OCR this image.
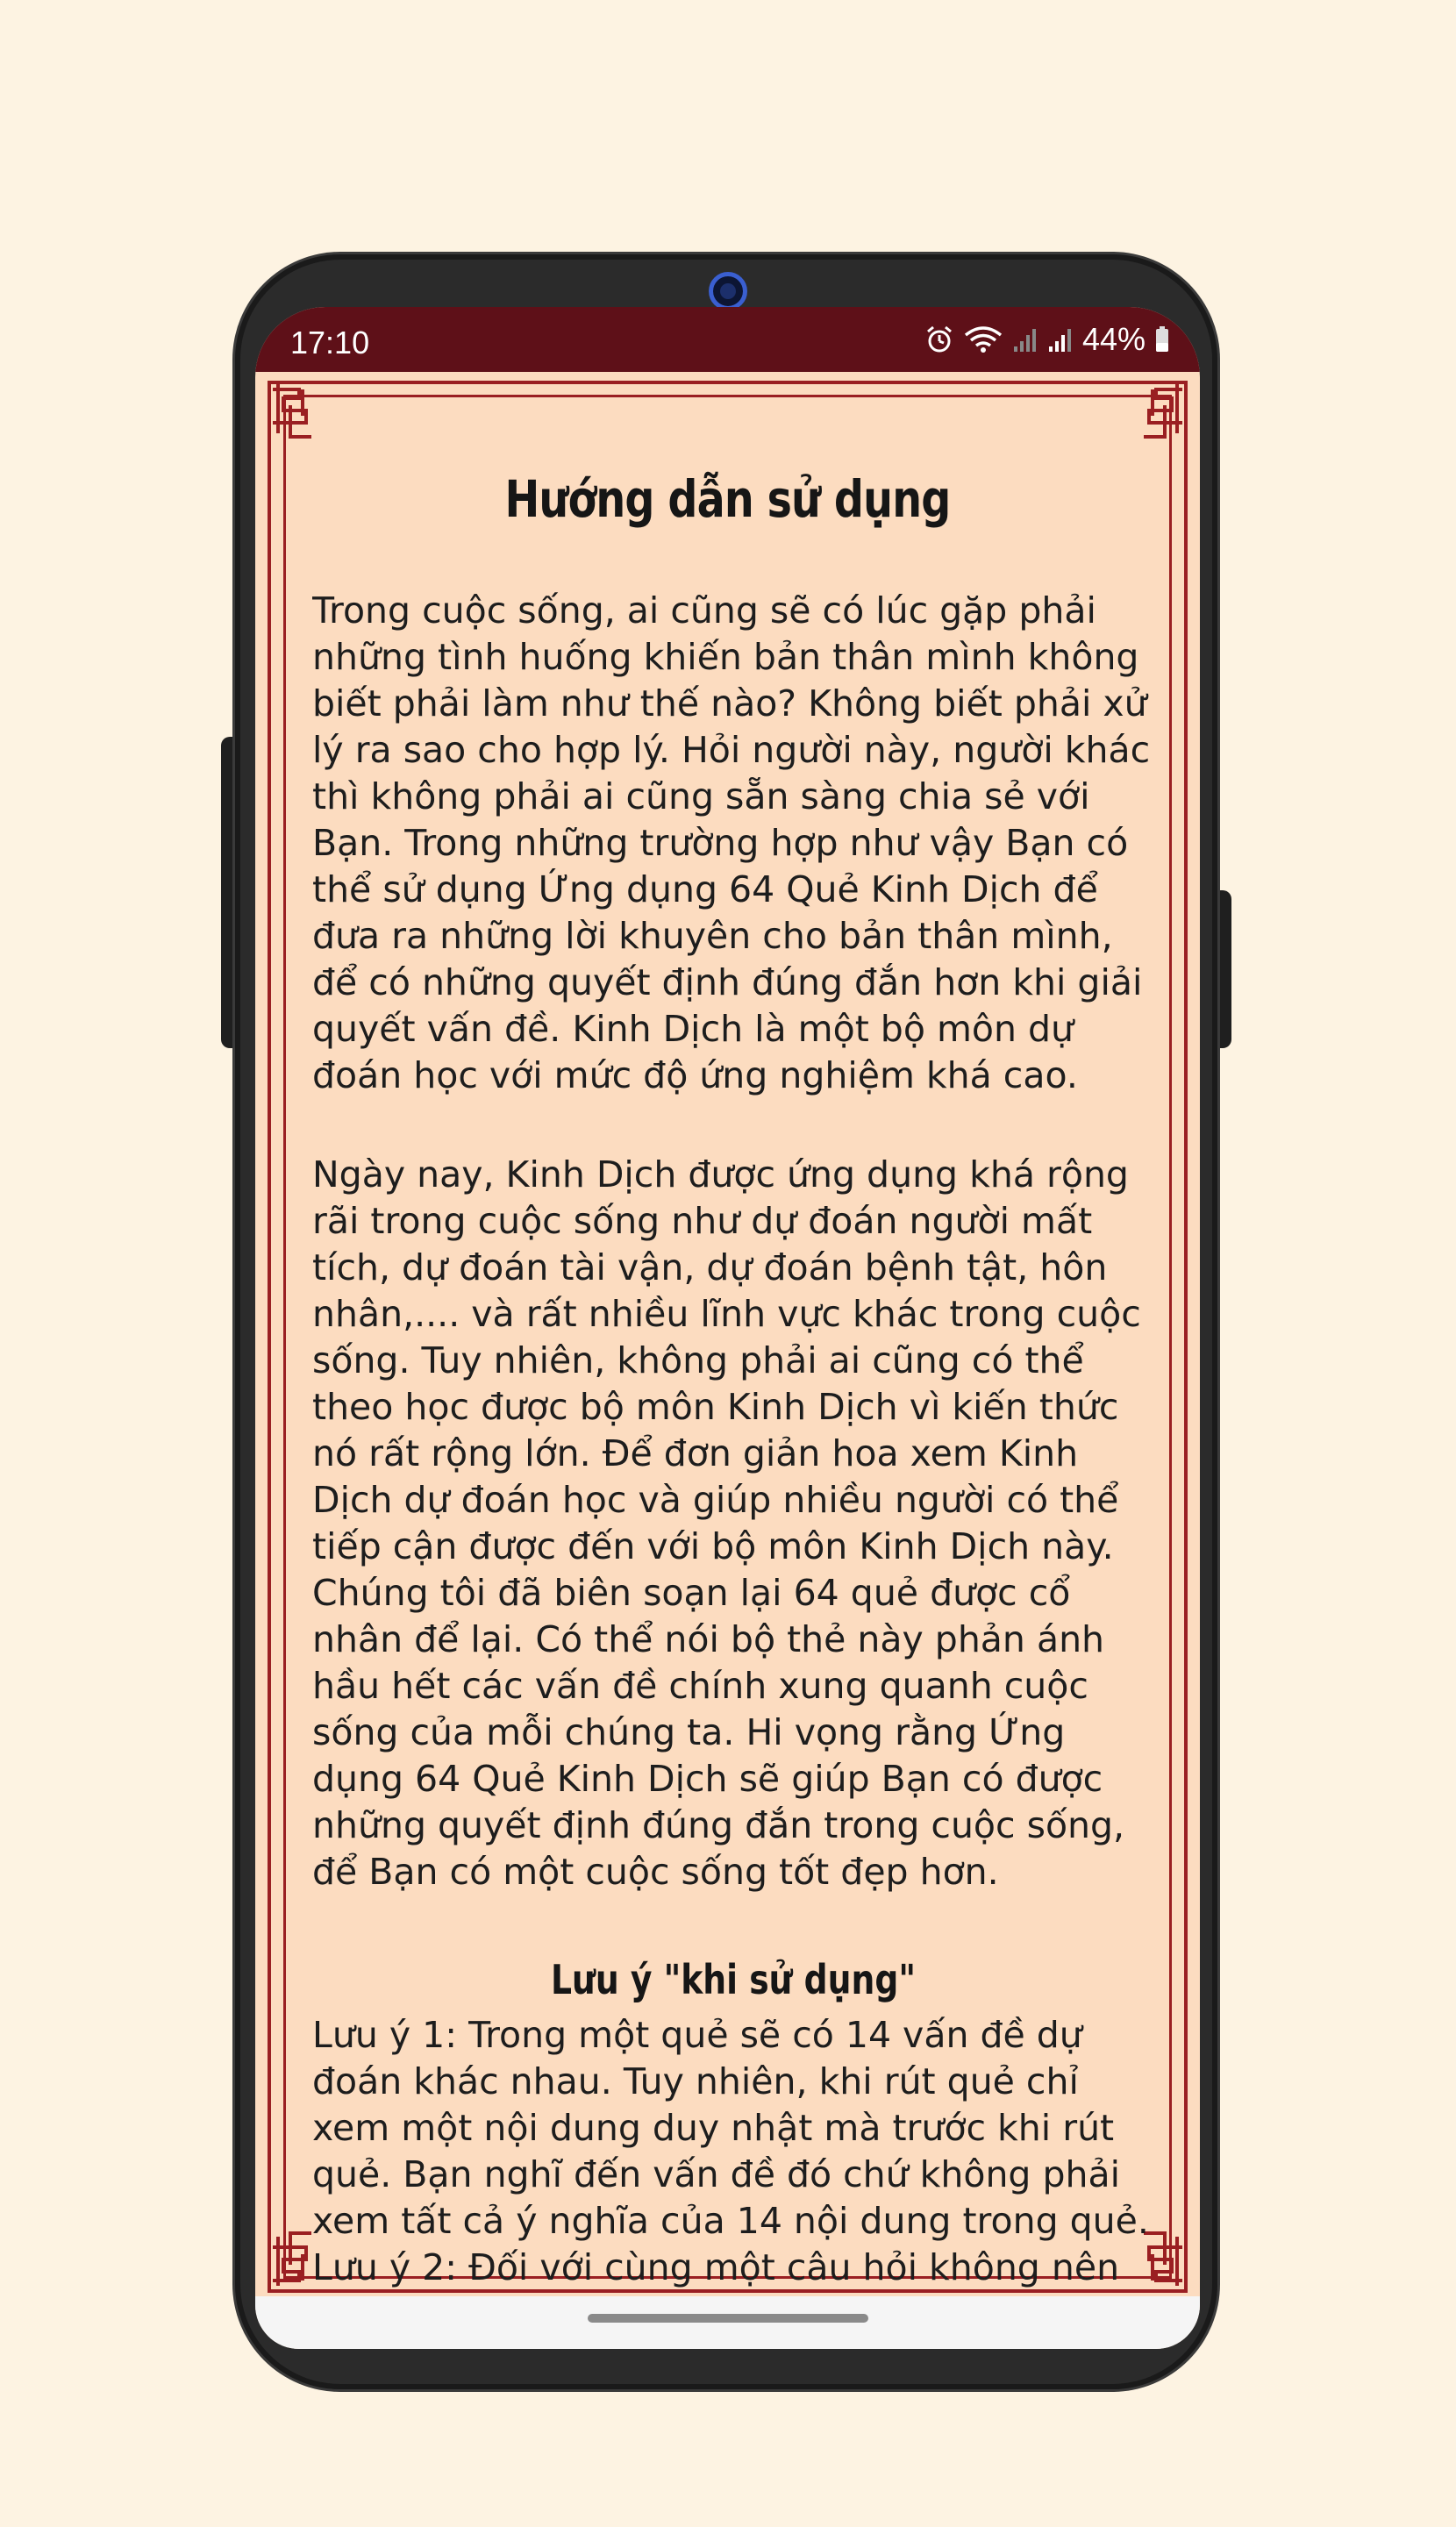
17:10	44%
Hướng dẫn sử dụng

Trong cuộc sống, ai cũng sẽ có lúc gặp phải những tình huống khiến bản thân mình không biết phải làm như thế nào? Không biết phải xử lý ra sao cho hợp lý. Hỏi người này, người khác thì không phải ai cũng sẵn sàng chia sẻ với Bạn. Trong những trường hợp như vậy Bạn có thể sử dụng Ứng dụng 64 Quẻ Kinh Dịch để đưa ra những lời khuyên cho bản thân mình, để có những quyết định đúng đắn hơn khi giải quyết vấn đề. Kinh Dịch là một bộ môn dự đoán học với mức độ ứng nghiệm khá cao.

Ngày nay, Kinh Dịch được ứng dụng khá rộng rãi trong cuộc sống như dự đoán người mất tích, dự đoán tài vận, dự đoán bệnh tật, hôn nhân,.... và rất nhiều lĩnh vực khác trong cuộc sống. Tuy nhiên, không phải ai cũng có thể theo học được bộ môn Kinh Dịch vì kiến thức nó rất rộng lớn. Để đơn giản hoa xem Kinh Dịch dự đoán học và giúp nhiều người có thể tiếp cận được đến với bộ môn Kinh Dịch này. Chúng tôi đã biên soạn lại 64 quẻ được cổ nhân để lại. Có thể nói bộ thẻ này phản ánh hầu hết các vấn đề chính xung quanh cuộc sống của mỗi chúng ta. Hi vọng rằng Ứng dụng 64 Quẻ Kinh Dịch sẽ giúp Bạn có được những quyết định đúng đắn trong cuộc sống, để Bạn có một cuộc sống tốt đẹp hơn.

Lưu ý "khi sử dụng"

Lưu ý 1: Trong một quẻ sẽ có 14 vấn đề dự đoán khác nhau. Tuy nhiên, khi rút quẻ chỉ xem một nội dung duy nhật mà trước khi rút quẻ. Bạn nghĩ đến vấn đề đó chứ không phải xem tất cả ý nghĩa của 14 nội dung trong quẻ.

Lưu ý 2: Đối với cùng một câu hỏi không nên
